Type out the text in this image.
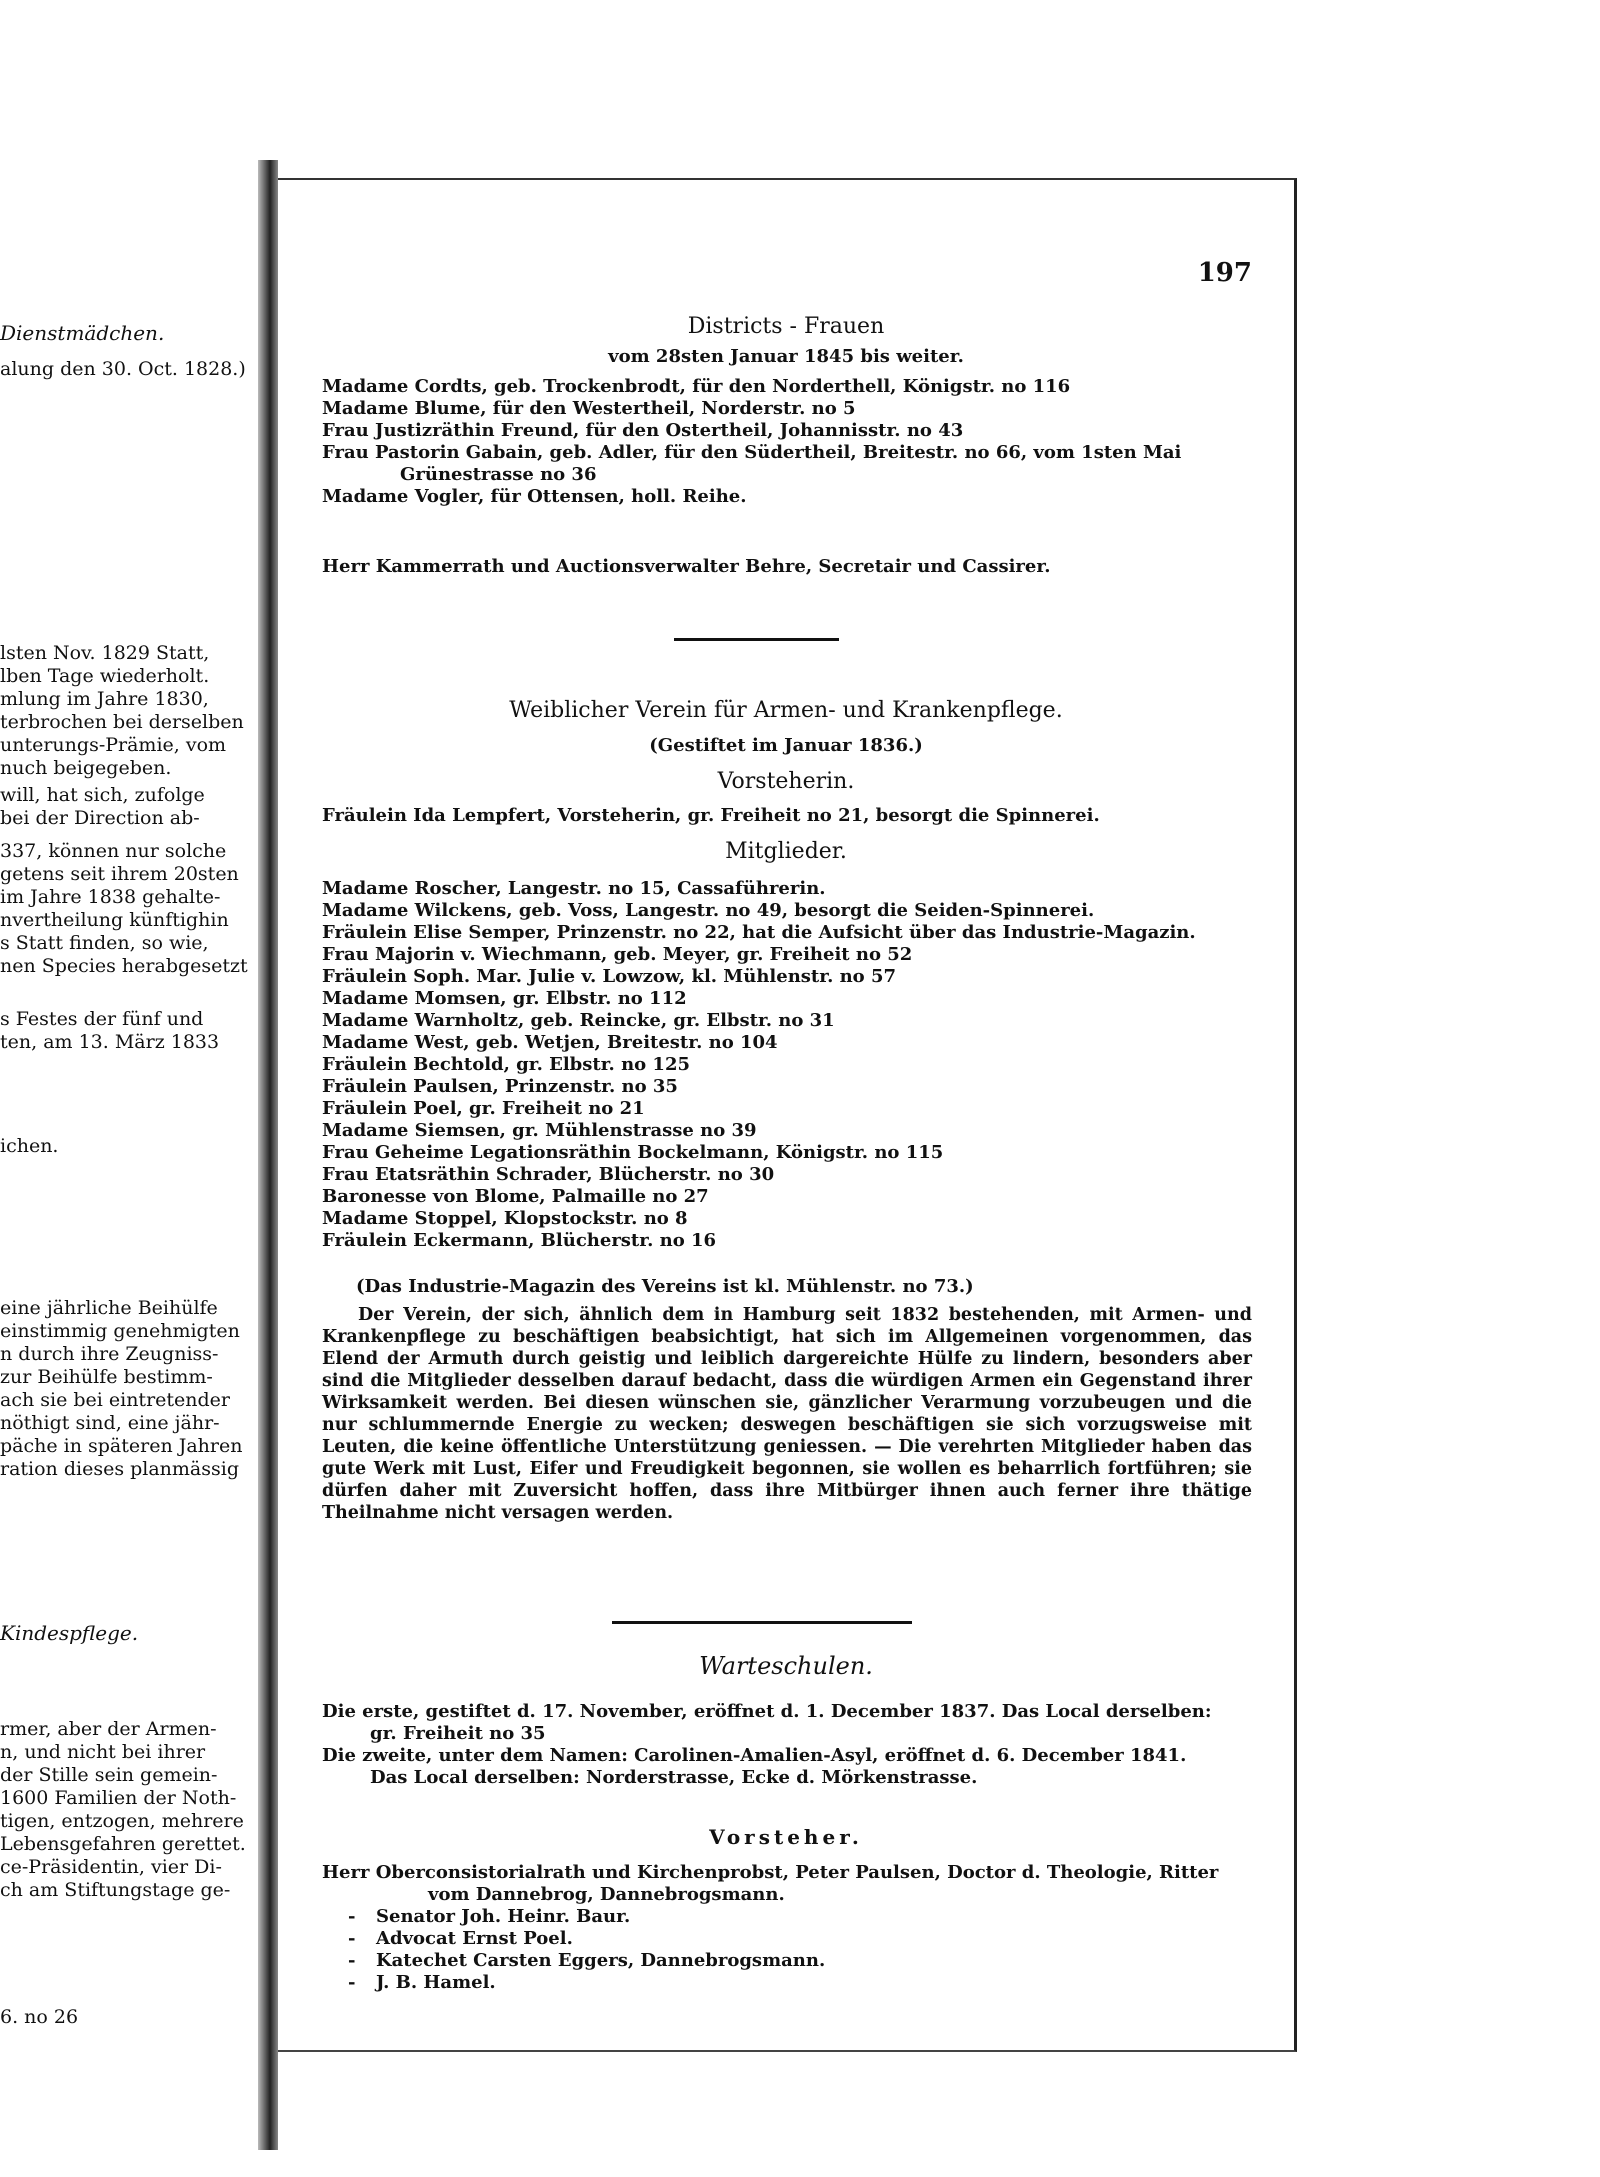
Dienstmädchen.
alung den 30. Oct. 1828.)
lsten Nov. 1829 Statt,
lben Tage wiederholt.
mlung im Jahre 1830,
terbrochen bei derselben
unterungs-Prämie, vom
nuch beigegeben.
will, hat sich, zufolge
bei der Direction ab-
337, können nur solche
getens seit ihrem 20sten
im Jahre 1838 gehalte-
nvertheilung künftighin
s Statt finden, so wie,
nen Species herabgesetzt
s Festes der fünf und
ten, am 13. März 1833
ichen.
eine jährliche Beihülfe
einstimmig genehmigten
n durch ihre Zeugniss-
zur Beihülfe bestimm-
ach sie bei eintretender
nöthigt sind, eine jähr-
päche in späteren Jahren
ration dieses planmässig
Kindespflege.
rmer, aber der Armen-
n, und nicht bei ihrer
der Stille sein gemein-
1600 Familien der Noth-
tigen, entzogen, mehrere
Lebensgefahren gerettet.
ce-Präsidentin, vier Di-
ch am Stiftungstage ge-
6. no 26
197
Districts - Frauen
vom 28sten Januar 1845 bis weiter.
Madame Cordts, geb. Trockenbrodt, für den Norderthell, Königstr. no 116
Madame Blume, für den Westertheil, Norderstr. no 5
Frau Justizräthin Freund, für den Ostertheil, Johannisstr. no 43
Frau Pastorin Gabain, geb. Adler, für den Südertheil, Breitestr. no 66, vom 1sten Mai
Grünestrasse no 36
Madame Vogler, für Ottensen, holl. Reihe.
Herr Kammerrath und Auctionsverwalter Behre, Secretair und Cassirer.
Weiblicher Verein für Armen- und Krankenpflege.
(Gestiftet im Januar 1836.)
Vorsteherin.
Fräulein Ida Lempfert, Vorsteherin, gr. Freiheit no 21, besorgt die Spinnerei.
Mitglieder.
Madame Roscher, Langestr. no 15, Cassaführerin.
Madame Wilckens, geb. Voss, Langestr. no 49, besorgt die Seiden-Spinnerei.
Fräulein Elise Semper, Prinzenstr. no 22, hat die Aufsicht über das Industrie-Magazin.
Frau Majorin v. Wiechmann, geb. Meyer, gr. Freiheit no 52
Fräulein Soph. Mar. Julie v. Lowzow, kl. Mühlenstr. no 57
Madame Momsen, gr. Elbstr. no 112
Madame Warnholtz, geb. Reincke, gr. Elbstr. no 31
Madame West, geb. Wetjen, Breitestr. no 104
Fräulein Bechtold, gr. Elbstr. no 125
Fräulein Paulsen, Prinzenstr. no 35
Fräulein Poel, gr. Freiheit no 21
Madame Siemsen, gr. Mühlenstrasse no 39
Frau Geheime Legationsräthin Bockelmann, Königstr. no 115
Frau Etatsräthin Schrader, Blücherstr. no 30
Baronesse von Blome, Palmaille no 27
Madame Stoppel, Klopstockstr. no 8
Fräulein Eckermann, Blücherstr. no 16
(Das Industrie-Magazin des Vereins ist kl. Mühlenstr. no 73.)
Der Verein, der sich, ähnlich dem in Hamburg seit 1832 bestehenden, mit Armen- und Krankenpflege zu beschäftigen beabsichtigt, hat sich im Allgemeinen vorgenommen, das Elend der Armuth durch geistig und leiblich dargereichte Hülfe zu lindern, besonders aber sind die Mitglieder desselben darauf bedacht, dass die würdigen Armen ein Gegenstand ihrer Wirksamkeit werden. Bei diesen wünschen sie, gänzlicher Verarmung vorzubeugen und die nur schlummernde Energie zu wecken; deswegen beschäftigen sie sich vorzugsweise mit Leuten, die keine öffentliche Unterstützung geniessen. — Die verehrten Mitglieder haben das gute Werk mit Lust, Eifer und Freudigkeit begonnen, sie wollen es beharrlich fortführen; sie dürfen daher mit Zuversicht hoffen, dass ihre Mitbürger ihnen auch ferner ihre thätige Theilnahme nicht versagen werden.
Warteschulen.
Die erste, gestiftet d. 17. November, eröffnet d. 1. December 1837. Das Local derselben:
gr. Freiheit no 35
Die zweite, unter dem Namen: Carolinen-Amalien-Asyl, eröffnet d. 6. December 1841.
Das Local derselben: Norderstrasse, Ecke d. Mörkenstrasse.
Vorsteher.
Herr Oberconsistorialrath und Kirchenprobst, Peter Paulsen, Doctor d. Theologie, Ritter
vom Dannebrog, Dannebrogsmann.
- Senator Joh. Heinr. Baur.
- Advocat Ernst Poel.
- Katechet Carsten Eggers, Dannebrogsmann.
- J. B. Hamel.
